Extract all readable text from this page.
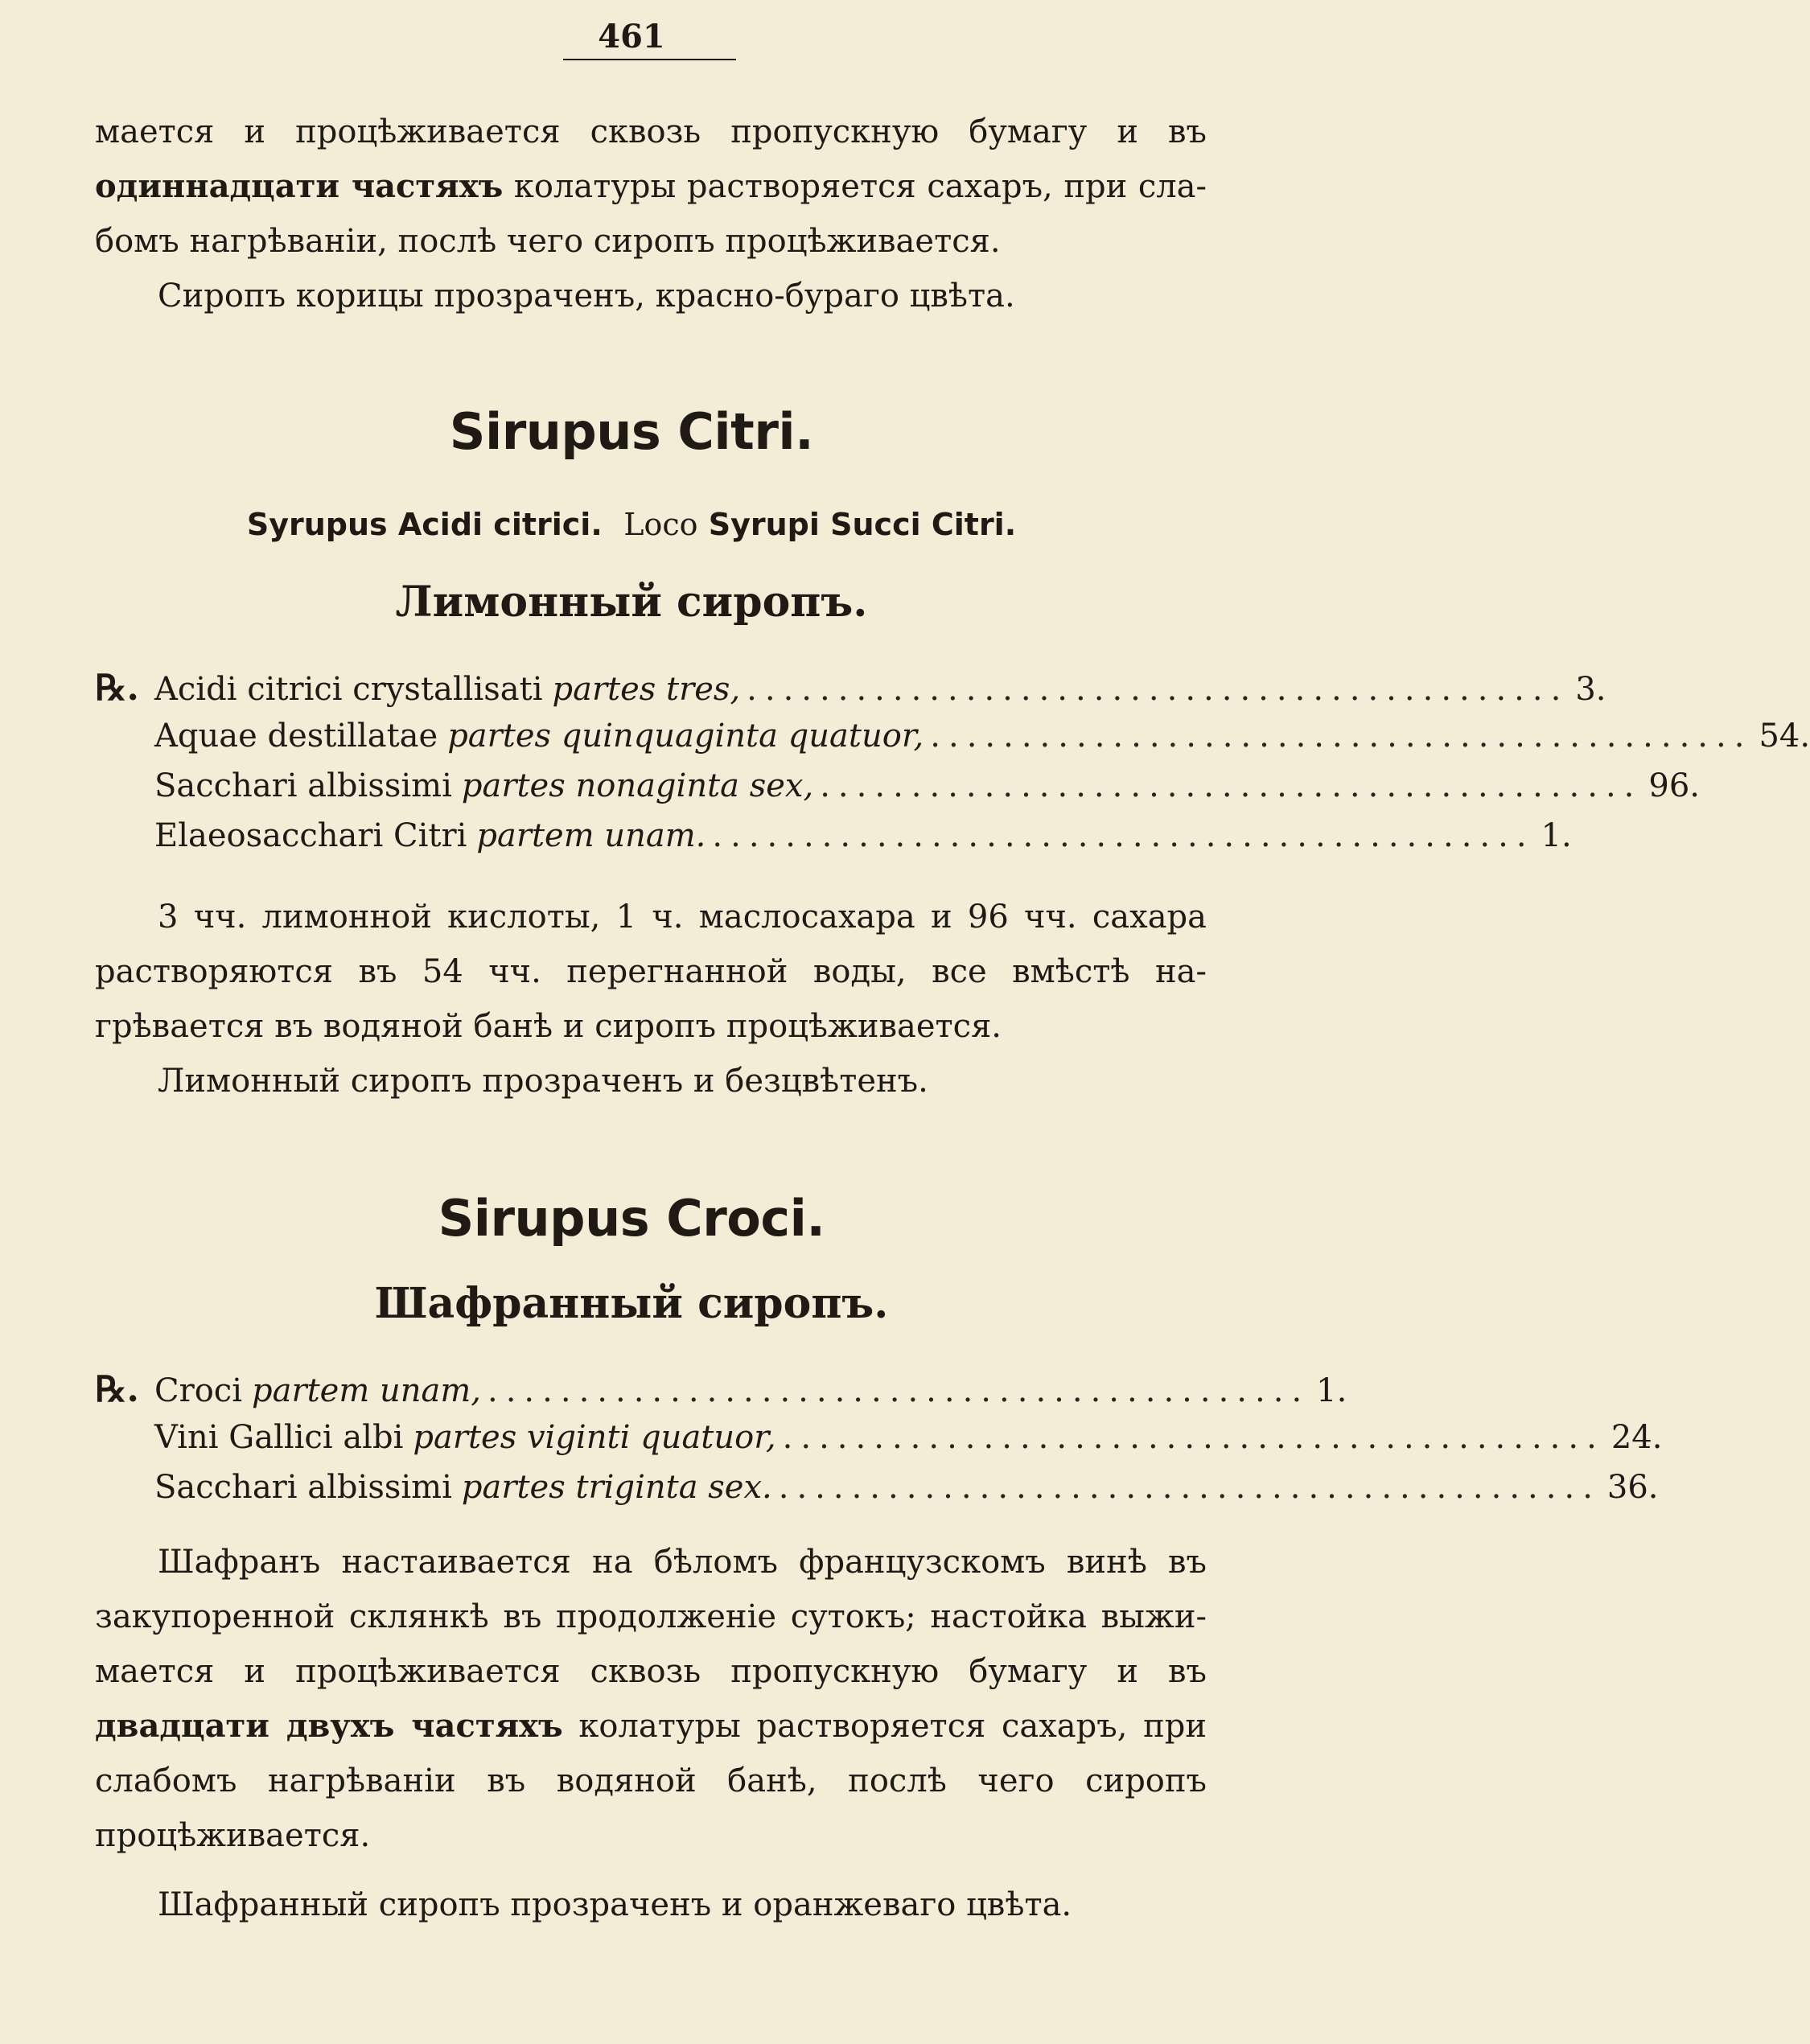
461

мается и процѣживается сквозь пропускную бумагу и въ

одиннадцати частяхъ колатуры растворяется сахаръ, при сла-

бомъ нагрѣваніи, послѣ чего сиропъ процѣживается.

Сиропъ корицы прозраченъ, красно-бураго цвѣта.

Sirupus Citri.

Syrupus Acidi citrici. Loco Syrupi Succi Citri.

Лимонный сиропъ.
℞. Acidi citrici crystallisati partes tres, ............................................. 3.
Aquae destillatae partes quinquaginta quatuor, ............................................. 54.
Sacchari albissimi partes nonaginta sex, ............................................. 96.
Elaeosacchari Citri partem unam. ............................................. 1.

3 чч. лимонной кислоты, 1 ч. маслосахара и 96 чч. сахара

растворяются въ 54 чч. перегнанной воды, все вмѣстѣ на-

грѣвается въ водяной банѣ и сиропъ процѣживается.

Лимонный сиропъ прозраченъ и безцвѣтенъ.

Sirupus Croci.
Шафранный сиропъ.
℞. Croci partem unam, ............................................. 1.
Vini Gallici albi partes viginti quatuor, ............................................. 24.
Sacchari albissimi partes triginta sex. ............................................. 36.

Шафранъ настаивается на бѣломъ французскомъ винѣ въ

закупоренной склянкѣ въ продолженіе сутокъ; настойка выжи-

мается и процѣживается сквозь пропускную бумагу и въ

двадцати двухъ частяхъ колатуры растворяется сахаръ, при

слабомъ нагрѣваніи въ водяной банѣ, послѣ чего сиропъ

процѣживается.

Шафранный сиропъ прозраченъ и оранжеваго цвѣта.
